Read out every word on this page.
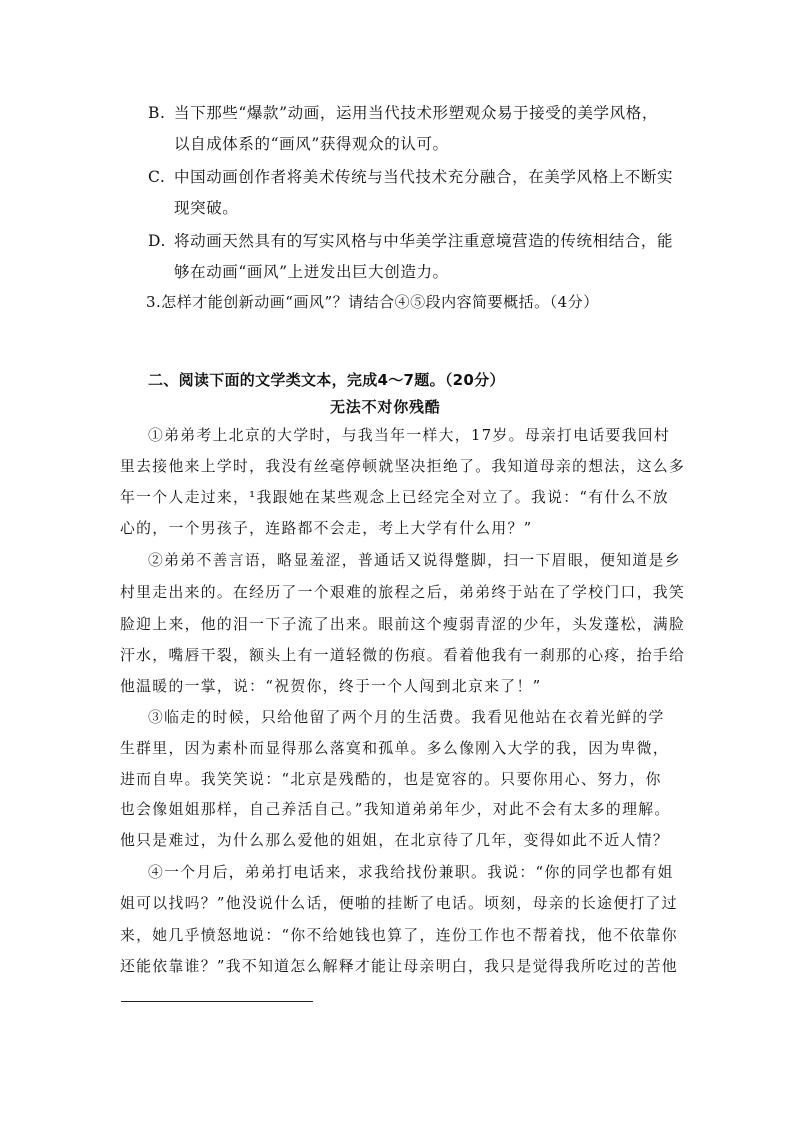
B. 当下那些“爆款”动画，运用当代技术形塑观众易于接受的美学风格，
以自成体系的“画风”获得观众的认可。
C. 中国动画创作者将美术传统与当代技术充分融合，在美学风格上不断实
现突破。
D. 将动画天然具有的写实风格与中华美学注重意境营造的传统相结合，能
够在动画“画风”上迸发出巨大创造力。
3.怎样才能创新动画“画风”？请结合④⑤段内容简要概括。（4分）
二、阅读下面的文学类文本，完成4～7题。（20分）
无法不对你残酷
①弟弟考上北京的大学时，与我当年一样大，17岁。母亲打电话要我回村
里去接他来上学时，我没有丝毫停顿就坚决拒绝了。我知道母亲的想法，这么多
年一个人走过来，¹我跟她在某些观念上已经完全对立了。我说：“有什么不放
心的，一个男孩子，连路都不会走，考上大学有什么用？”
②弟弟不善言语，略显羞涩，普通话又说得蹩脚，扫一下眉眼，便知道是乡
村里走出来的。在经历了一个艰难的旅程之后，弟弟终于站在了学校门口，我笑
脸迎上来，他的泪一下子流了出来。眼前这个瘦弱青涩的少年，头发蓬松，满脸
汗水，嘴唇干裂，额头上有一道轻微的伤痕。看着他我有一刹那的心疼，抬手给
他温暖的一掌，说：“祝贺你，终于一个人闯到北京来了！”
③临走的时候，只给他留了两个月的生活费。我看见他站在衣着光鲜的学
生群里，因为素朴而显得那么落寞和孤单。多么像刚入大学的我，因为卑微，
进而自卑。我笑笑说：“北京是残酷的，也是宽容的。只要你用心、努力，你
也会像姐姐那样，自己养活自己。”我知道弟弟年少，对此不会有太多的理解。
他只是难过，为什么那么爱他的姐姐，在北京待了几年，变得如此不近人情？
④一个月后，弟弟打电话来，求我给找份兼职。我说：“你的同学也都有姐
姐可以找吗？”他没说什么话，便啪的挂断了电话。顷刻，母亲的长途便打了过
来，她几乎愤怒地说：“你不给她钱也算了，连份工作也不帮着找，他不依靠你
还能依靠谁？”我不知道怎么解释才能让母亲明白，我只是觉得我所吃过的苦他
